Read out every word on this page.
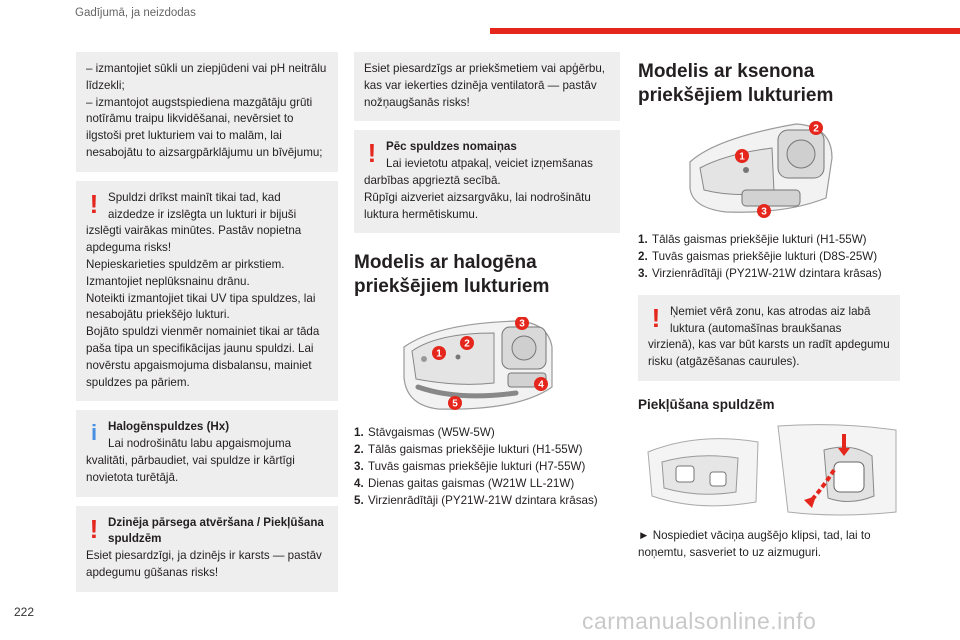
Gadījumā, ja neizdodas

– izmantojiet sūkli un ziepjūdeni vai pH neitrālu līdzekli;
– izmantojot augstspiediena mazgātāju grūti notīrāmu traipu likvidēšanai, nevērsiet to ilgstoši pret lukturiem vai to malām, lai nesabojātu to aizsargpārklājumu un bīvējumu;

! Spuldzi drīkst mainīt tikai tad, kad aizdedze ir izslēgta un lukturi ir bijuši

izslēgti vairākas minūtes. Pastāv nopietna apdeguma risks!
Nepieskarieties spuldzēm ar pirkstiem. Izmantojiet neplūksnainu drānu.
Noteikti izmantojiet tikai UV tipa spuldzes, lai nesabojātu priekšējo lukturi.
Bojāto spuldzi vienmēr nomainiet tikai ar tāda paša tipa un specifikācijas jaunu spuldzi. Lai novērstu apgaismojuma disbalansu, mainiet spuldzes pa pāriem.

i Halogēnspuldzes (Hx)

Lai nodrošinātu labu apgaismojuma

kvalitāti, pārbaudiet, vai spuldze ir kārtīgi novietota turētājā.

! Dzinēja pārsega atvēršana / Piekļūšana spuldzēm

Esiet piesardzīgi, ja dzinējs ir karsts — pastāv apdegumu gūšanas risks!

Esiet piesardzīgs ar priekšmetiem vai apģērbu, kas var iekerties dzinēja ventilatorā — pastāv nožņaugšanās risks!

! Pēc spuldzes nomaiņas

Lai ievietotu atpakaļ, veiciet izņemšanas

darbības apgrieztā secībā.
Rūpīgi aizveriet aizsargvāku, lai nodrošinātu luktura hermētiskumu.

Modelis ar halogēna priekšējiem lukturiem
1
2
3
4
5
1. Stāvgaismas (W5W-5W)
2. Tālās gaismas priekšējie lukturi (H1-55W)
3. Tuvās gaismas priekšējie lukturi (H7-55W)
4. Dienas gaitas gaismas (W21W LL-21W)
5. Virzienrādītāji (PY21W-21W dzintara krāsas)
Modelis ar ksenona priekšējiem lukturiem
1
2
3
1. Tālās gaismas priekšējie lukturi (H1-55W)
2. Tuvās gaismas priekšējie lukturi (D8S-25W)
3. Virzienrādītāji (PY21W-21W dzintara krāsas)
! Ņemiet vērā zonu, kas atrodas aiz labā luktura (automašīnas braukšanas

virzienā), kas var būt karsts un radīt apdegumu risku (atgāzēšanas caurules).

Piekļūšana spuldzēm

► Nospiediet vāciņa augšējo klipsi, tad, lai to noņemtu, sasveriet to uz aizmuguri.

222	carmanualsonline.info
